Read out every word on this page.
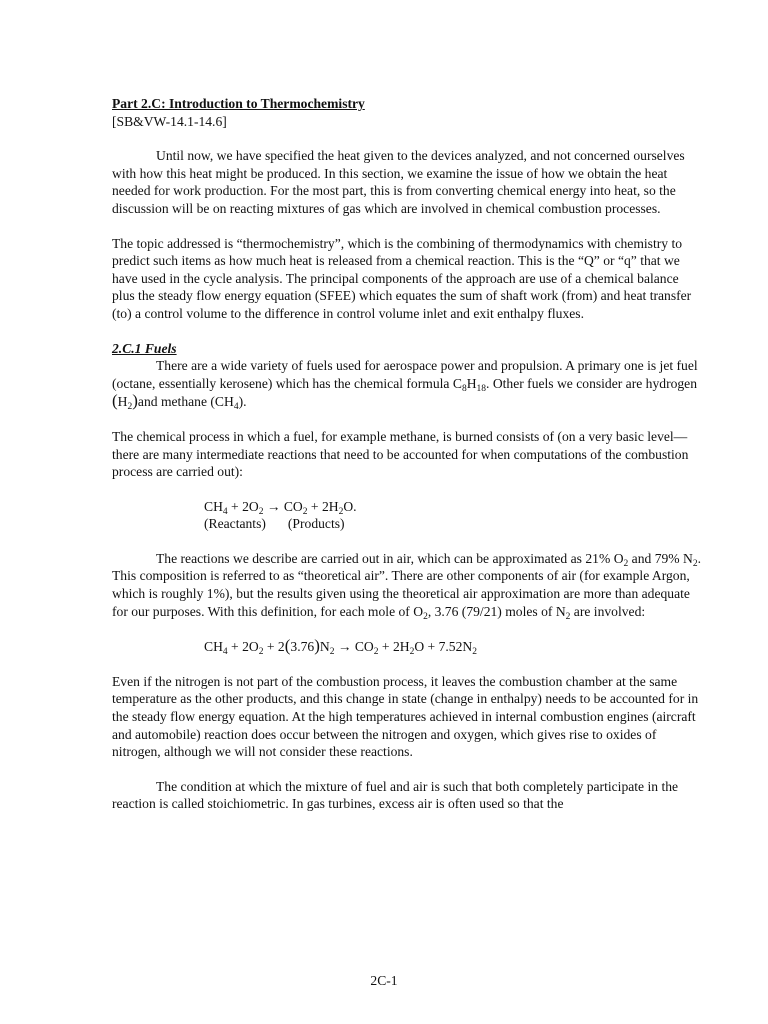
Part 2.C: Introduction to Thermochemistry

[SB&VW-14.1-14.6]

Until now, we have specified the heat given to the devices analyzed, and not concerned ourselves with how this heat might be produced. In this section, we examine the issue of how we obtain the heat needed for work production. For the most part, this is from converting chemical energy into heat, so the discussion will be on reacting mixtures of gas which are involved in chemical combustion processes.

The topic addressed is “thermochemistry”, which is the combining of thermodynamics with chemistry to predict such items as how much heat is released from a chemical reaction. This is the “Q” or “q” that we have used in the cycle analysis. The principal components of the approach are use of a chemical balance plus the steady flow energy equation (SFEE) which equates the sum of shaft work (from) and heat transfer (to) a control volume to the difference in control volume inlet and exit enthalpy fluxes.

2.C.1 Fuels

There are a wide variety of fuels used for aerospace power and propulsion. A primary one is jet fuel (octane, essentially kerosene) which has the chemical formula $C_8H_{18}$. Other fuels we consider are hydrogen $(H_2)and$ methane $(CH_4)$.

The chemical process in which a fuel, for example methane, is burned consists of (on a very basic level—there are many intermediate reactions that need to be accounted for when computations of the combustion process are carried out):

$CH_4 + 2O_2 \to CO_2 + 2H_2O$.

(Reactants) (Products)

The reactions we describe are carried out in air, which can be approximated as 21% $O_2$ and 79% $N_2$. This composition is referred to as “theoretical air”. There are other components of air (for example Argon, which is roughly 1%), but the results given using the theoretical air approximation are more than adequate for our purposes. With this definition, for each mole of $O_2$, 3.76 (79/21) moles of $N_2$ are involved:

$CH_4 + 2O_2 + 2(3.76)N_2 \to CO_2 + 2H_2O + 7.52N_2$

Even if the nitrogen is not part of the combustion process, it leaves the combustion chamber at the same temperature as the other products, and this change in state (change in enthalpy) needs to be accounted for in the steady flow energy equation. At the high temperatures achieved in internal combustion engines (aircraft and automobile) reaction does occur between the nitrogen and oxygen, which gives rise to oxides of nitrogen, although we will not consider these reactions.

The condition at which the mixture of fuel and air is such that both completely participate in the reaction is called stoichiometric. In gas turbines, excess air is often used so that the

2C-1
